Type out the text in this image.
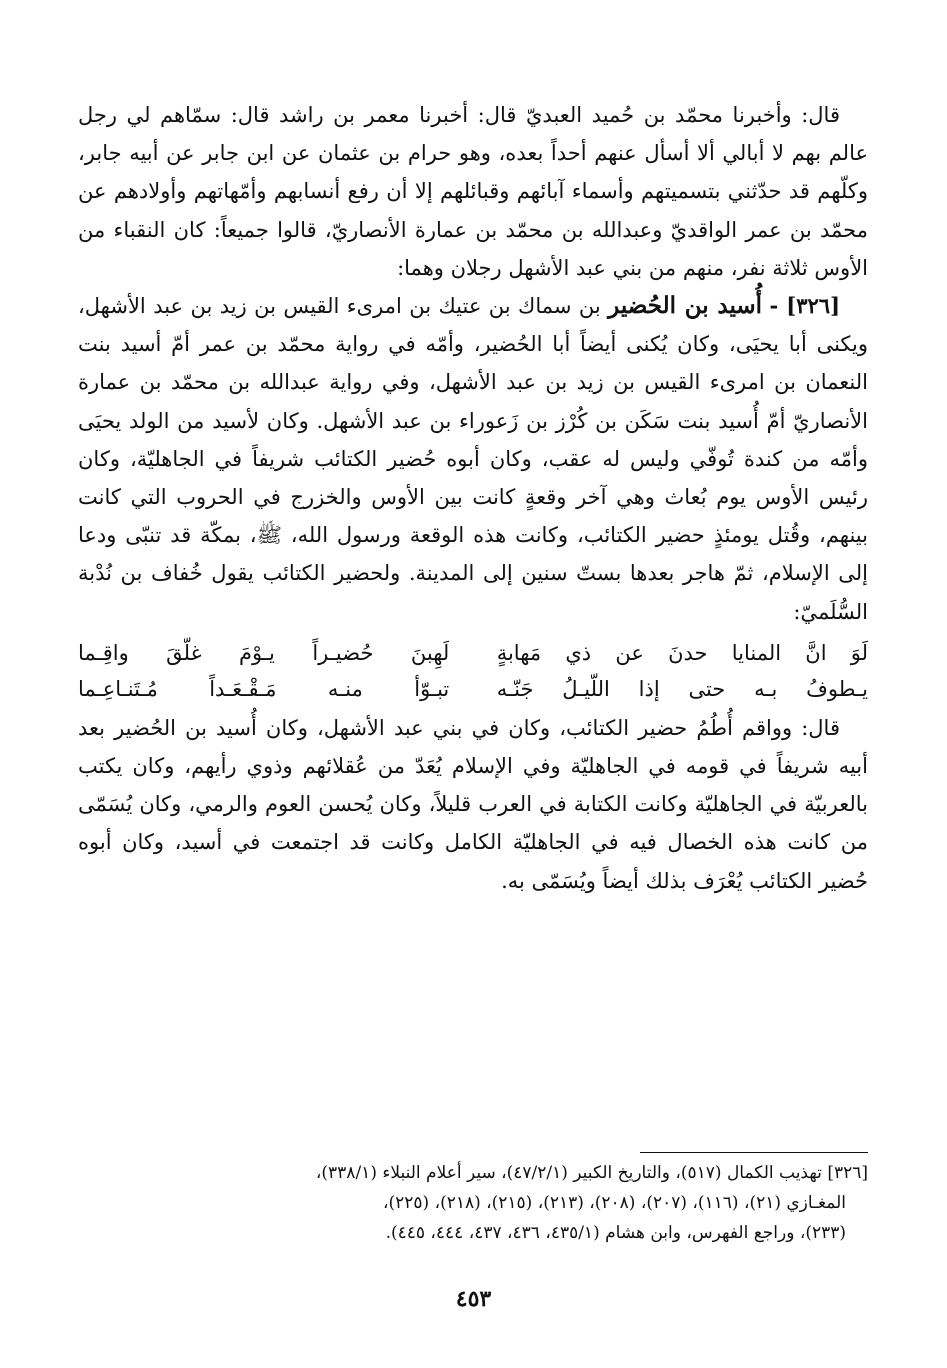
قال: وأخبرنا محمّد بن حُميد العبديّ قال: أخبرنا معمر بن راشد قال: سمّاهم لي رجل عالم بهم لا أبالي ألا أسأل عنهم أحداً بعده، وهو حرام بن عثمان عن ابن جابر عن أبيه جابر، وكلّهم قد حدّثني بتسميتهم وأسماء آبائهم وقبائلهم إلا أن رفع أنسابهم وأمّهاتهم وأولادهم عن محمّد بن عمر الواقديّ وعبدالله بن محمّد بن عمارة الأنصاريّ، قالوا جميعاً: كان النقباء من الأوس ثلاثة نفر، منهم من بني عبد الأشهل رجلان وهما:

[٣٢٦] - أُسيد بن الحُضير بن سماك بن عتيك بن امرىء القيس بن زيد بن عبد الأشهل، ويكنى أبا يحيَى، وكان يُكنى أيضاً أبا الحُضير، وأمّه في رواية محمّد بن عمر أمّ أسيد بنت النعمان بن امرىء القيس بن زيد بن عبد الأشهل، وفي رواية عبدالله بن محمّد بن عمارة الأنصاريّ أمّ أُسيد بنت سَكَن بن كُرْز بن زَعوراء بن عبد الأشهل. وكان لأسيد من الولد يحيَى وأمّه من كندة تُوفّي وليس له عقب، وكان أبوه حُضير الكتائب شريفاً في الجاهليّة، وكان رئيس الأوس يوم بُعاث وهي آخر وقعةٍ كانت بين الأوس والخزرج في الحروب التي كانت بينهم، وقُتل يومئذٍ حضير الكتائب، وكانت هذه الوقعة ورسول الله، ﷺ، بمكّة قد تنبّى ودعا إلى الإسلام، ثمّ هاجر بعدها بستّ سنين إلى المدينة. ولحضير الكتائب يقول خُفاف بن نُدْبة السُّلَميّ:

لَوَ انَّ المنايا حدنَ عن ذي مَهابةٍ
لَهِبنَ حُضيـراً يـوْمَ غلّقَ واقِـما
يـطوفُ بـه حتى إذا اللّيـلُ جَنّـه
تبـوّأ منـه مَـقْـعَـداً مُـتَنـاعِـما

قال: وواقم أُطُمُ حضير الكتائب، وكان في بني عبد الأشهل، وكان أُسيد بن الحُضير بعد أبيه شريفاً في قومه في الجاهليّة وفي الإسلام يُعَدّ من عُقلائهم وذوي رأيهم، وكان يكتب بالعربيّة في الجاهليّة وكانت الكتابة في العرب قليلاً، وكان يُحسن العوم والرمي، وكان يُسَمّى من كانت هذه الخصال فيه في الجاهليّة الكامل وكانت قد اجتمعت في أسيد، وكان أبوه حُضير الكتائب يُعْرَف بذلك أيضاً ويُسَمّى به.

[٣٢٦] تهذيب الكمال (٥١٧)، والتاريخ الكبير (٤٧/٢/١)، سير أعلام النبلاء (٣٣٨/١)،

المغـازي (٢١)، (١١٦)، (٢٠٧)، (٢٠٨)، (٢١٣)، (٢١٥)، (٢١٨)، (٢٢٥)،

(٢٣٣)، وراجع الفهرس، وابن هشام (٤٣٥/١، ٤٣٦، ٤٣٧، ٤٤٤، ٤٤٥).

٤٥٣
